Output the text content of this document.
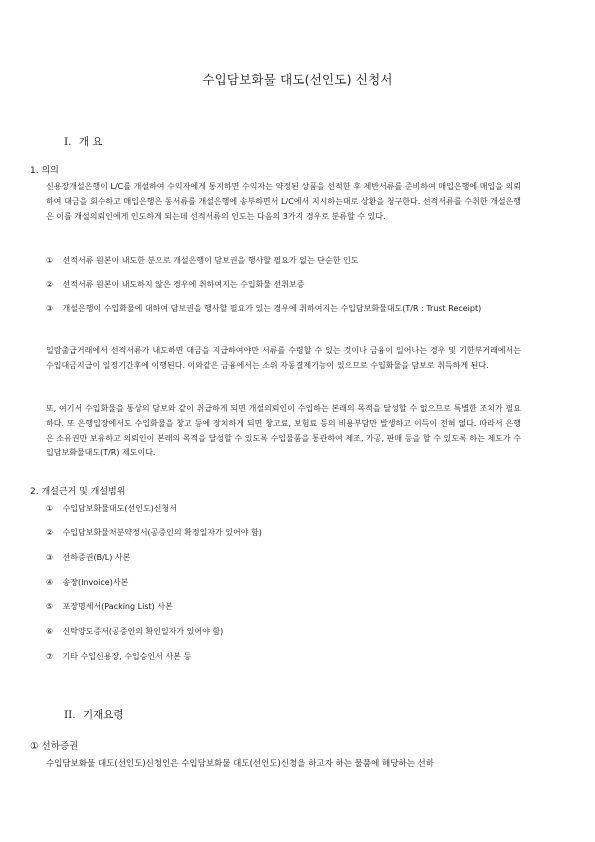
수입담보화물 대도(선인도) 신청서
I. 개 요
1. 의의
신용장개설은행이 L/C를 개설하여 수익자에게 통지하면 수익자는 약정된 상품을 선적한 후 제반서류를 준비하여 매입은행에 매입을 의뢰하여 대금을 회수하고 매입은행은 동서류를 개설은행에 송부하면서 L/C에서 지시하는대로 상환을 청구한다. 선적서류를 수취한 개설은행은 이를 개설의뢰인에게 인도하게 되는데 선적서류의 인도는 다음의 3가지 경우로 분류할 수 있다.
① 선적서류 원본이 내도한 분으로 개설은행이 담보권을 행사할 필요가 없는 단순한 인도
② 선적서류 원본이 내도하지 않은 경우에 취하여지는 수입화물 선취보증
③ 개설은행이 수입화물에 대하여 담보권을 행사할 필요가 있는 경우에 취하여지는 수입담보화물대도(T/R : Trust Receipt)
일람출급거래에서 선적서류가 내도하면 대금을 지급하여야만 서류를 수령할 수 있는 것이나 금융이 일어나는 경우 및 기한부거래에서는 수입대금지급이 일정기간후에 이행된다. 이와같은 금융에서는 소위 자동결제기능이 있으므로 수입화물을 담보로 취득하게 된다.
또, 여기서 수입화물을 통상의 담보와 같이 취급하게 되면 개설의뢰인이 수입하는 본래의 목적을 달성할 수 없으므로 특별한 조치가 필요하다. 또 은행입장에서도 수입화물을 창고 등에 장치하게 되면 창고료, 보험료 등의 비용부담만 발생하고 이득이 전혀 없다. 따라서 은행은 소유권만 보유하고 의뢰인이 본래의 목적을 달성할 수 있도록 수입물품을 통관하여 제조, 가공, 판매 등을 할 수 있도록 하는 제도가 수입담보화물대도(T/R) 제도이다.
2. 개설근거 및 개설범위
① 수입담보화물대도(선인도)신청서
② 수입담보화물처분약정서(공증인의 확정일자가 있어야 함)
③ 선하증권(B/L) 사본
④ 송장(Invoice)사본
⑤ 포장명세서(Packing List) 사본
⑥ 신탁양도증서(공증인의 확인일자가 있어야 함)
⑦ 기타 수입신용장, 수입승인서 사본 등
II. 기재요령
① 선하증권
수입담보화물 대도(선인도)신청인은 수입담보화물 대도(선인도)신청을 하고자 하는 물품에 해당하는 선하
